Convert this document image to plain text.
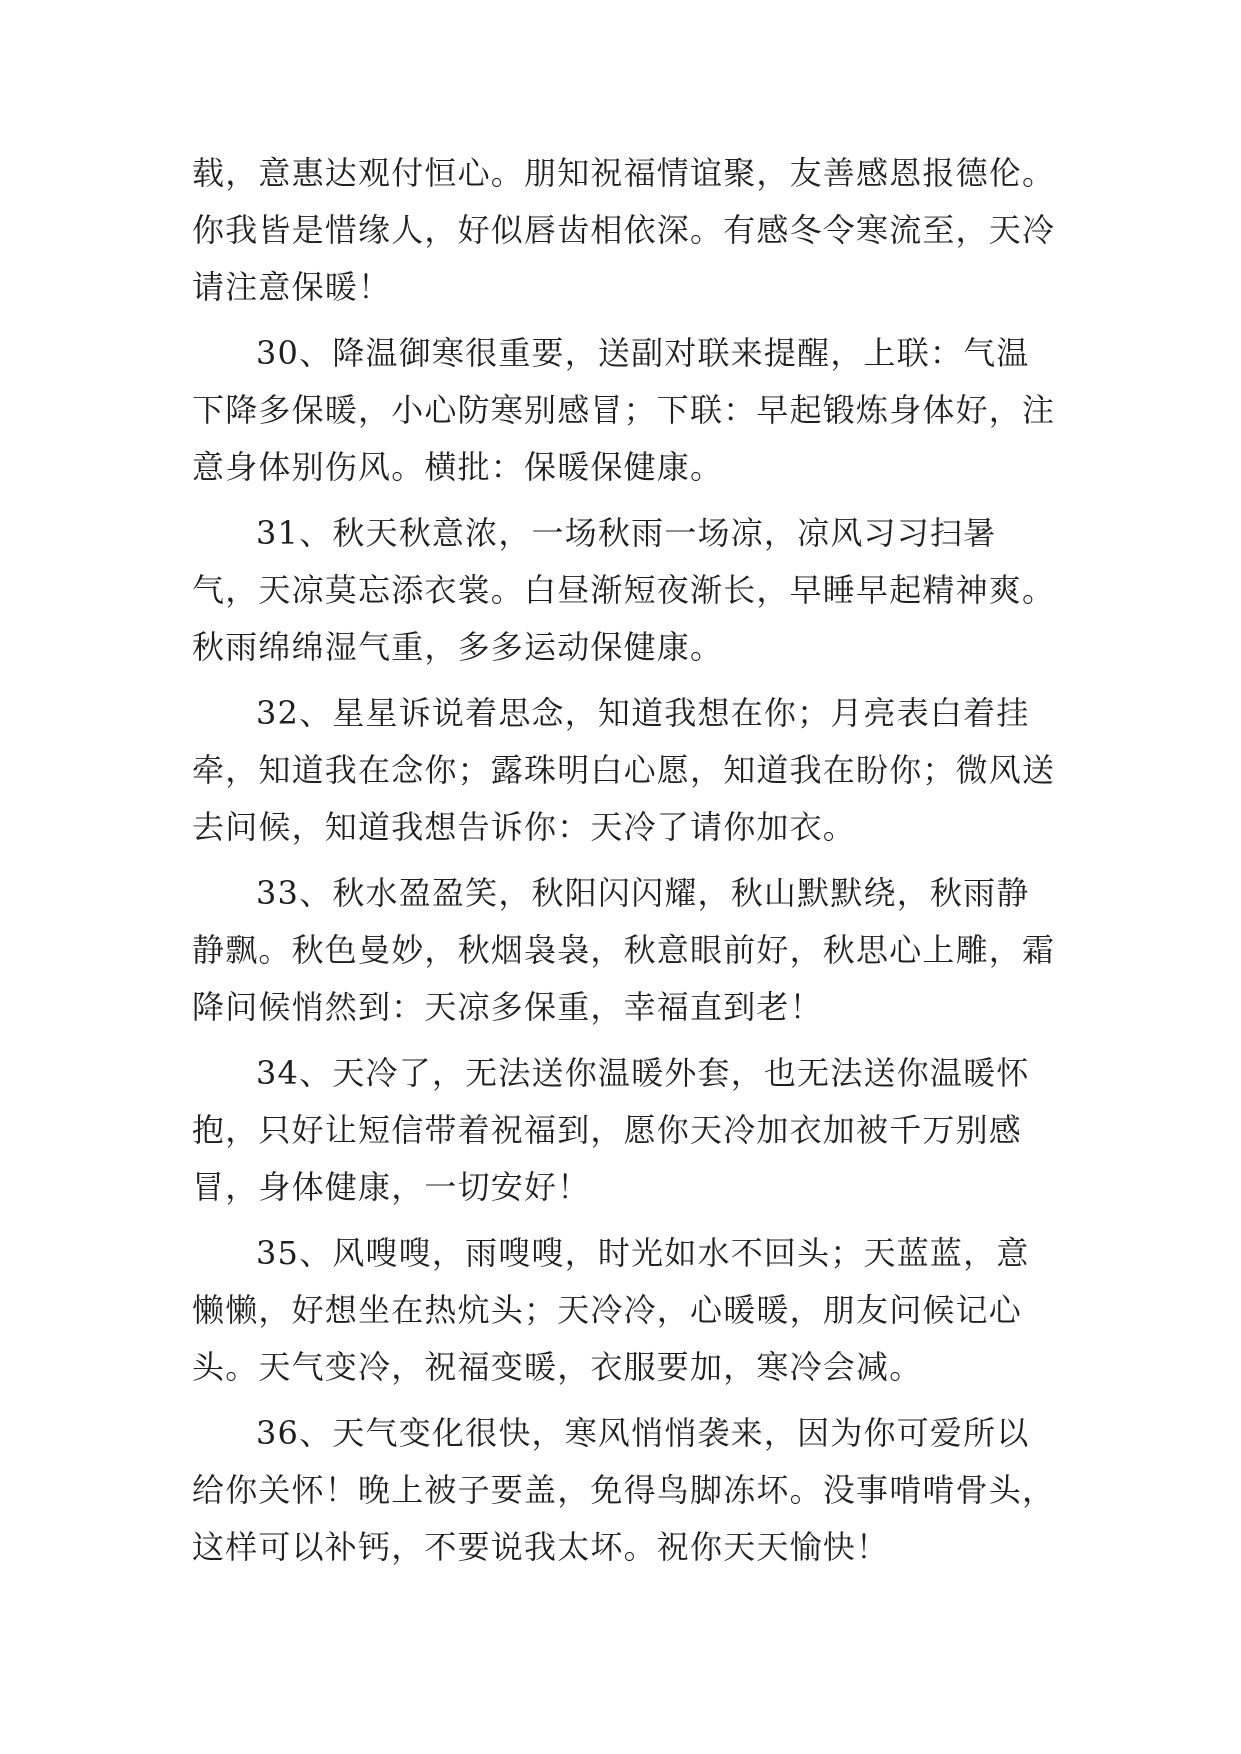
载，意惠达观付恒心。朋知祝福情谊聚，友善感恩报德伦。你我皆是惜缘人，好似唇齿相依深。有感冬令寒流至，天冷请注意保暖！

30、降温御寒很重要，送副对联来提醒，上联：气温下降多保暖，小心防寒别感冒；下联：早起锻炼身体好，注意身体别伤风。横批：保暖保健康。

31、秋天秋意浓，一场秋雨一场凉，凉风习习扫暑气，天凉莫忘添衣裳。白昼渐短夜渐长，早睡早起精神爽。秋雨绵绵湿气重，多多运动保健康。

32、星星诉说着思念，知道我想在你；月亮表白着挂牵，知道我在念你；露珠明白心愿，知道我在盼你；微风送去问候，知道我想告诉你：天冷了请你加衣。

33、秋水盈盈笑，秋阳闪闪耀，秋山默默绕，秋雨静静飘。秋色曼妙，秋烟袅袅，秋意眼前好，秋思心上雕，霜降问候悄然到：天凉多保重，幸福直到老！

34、天冷了，无法送你温暖外套，也无法送你温暖怀抱，只好让短信带着祝福到，愿你天冷加衣加被千万别感冒，身体健康，一切安好！

35、风嗖嗖，雨嗖嗖，时光如水不回头；天蓝蓝，意懒懒，好想坐在热炕头；天冷冷，心暖暖，朋友问候记心头。天气变冷，祝福变暖，衣服要加，寒冷会减。

36、天气变化很快，寒风悄悄袭来，因为你可爱所以给你关怀！晚上被子要盖，免得鸟脚冻坏。没事啃啃骨头，这样可以补钙，不要说我太坏。祝你天天愉快！
